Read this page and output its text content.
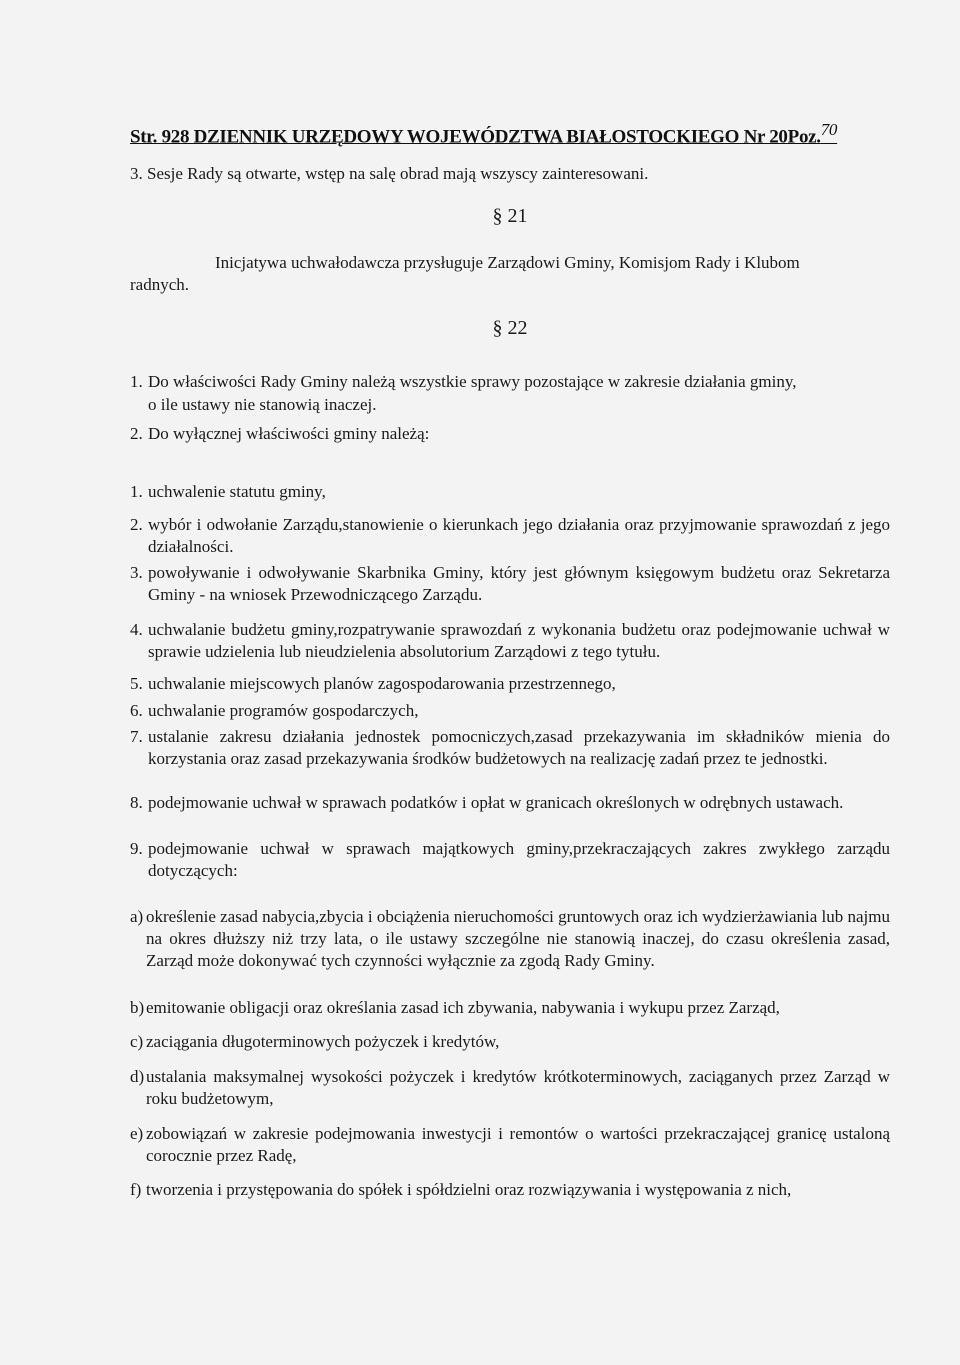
Str. 928 DZIENNIK URZĘDOWY WOJEWÓDZTWA BIAŁOSTOCKIEGO Nr 20Poz.70
3. Sesje Rady są otwarte, wstęp na salę obrad mają wszyscy zainteresowani.
§ 21
Inicjatywa uchwałodawcza przysługuje Zarządowi Gminy, Komisjom Rady i Klubom
radnych.
§ 22
1. Do właściwości Rady Gminy należą wszystkie sprawy pozostające w zakresie działania gminy,
o ile ustawy nie stanowią inaczej.
2. Do wyłącznej właściwości gminy należą:
1. uchwalenie statutu gminy,
2. wybór i odwołanie Zarządu,stanowienie o kierunkach jego działania oraz przyjmowanie sprawozdań z jego działalności.
3. powoływanie i odwoływanie Skarbnika Gminy, który jest głównym księgowym budżetu oraz Sekretarza Gminy - na wniosek Przewodniczącego Zarządu.
4. uchwalanie budżetu gminy,rozpatrywanie sprawozdań z wykonania budżetu oraz podejmowanie uchwał w sprawie udzielenia lub nieudzielenia absolutorium Zarządowi z tego tytułu.
5. uchwalanie miejscowych planów zagospodarowania przestrzennego,
6. uchwalanie programów gospodarczych,
7. ustalanie zakresu działania jednostek pomocniczych,zasad przekazywania im składników mienia do korzystania oraz zasad przekazywania środków budżetowych na realizację zadań przez te jednostki.
8. podejmowanie uchwał w sprawach podatków i opłat w granicach określonych w odrębnych ustawach.
9. podejmowanie uchwał w sprawach majątkowych gminy,przekraczających zakres zwykłego zarządu dotyczących:
a) określenie zasad nabycia,zbycia i obciążenia nieruchomości gruntowych oraz ich wydzierżawiania lub najmu na okres dłuższy niż trzy lata, o ile ustawy szczególne nie stanowią inaczej, do czasu określenia zasad, Zarząd może dokonywać tych czynności wyłącznie za zgodą Rady Gminy.
b) emitowanie obligacji oraz określania zasad ich zbywania, nabywania i wykupu przez Zarząd,
c) zaciągania długoterminowych pożyczek i kredytów,
d) ustalania maksymalnej wysokości pożyczek i kredytów krótkoterminowych, zaciąganych przez Zarząd w roku budżetowym,
e) zobowiązań w zakresie podejmowania inwestycji i remontów o wartości przekraczającej granicę ustaloną corocznie przez Radę,
f) tworzenia i przystępowania do spółek i spółdzielni oraz rozwiązywania i występowania z nich,
